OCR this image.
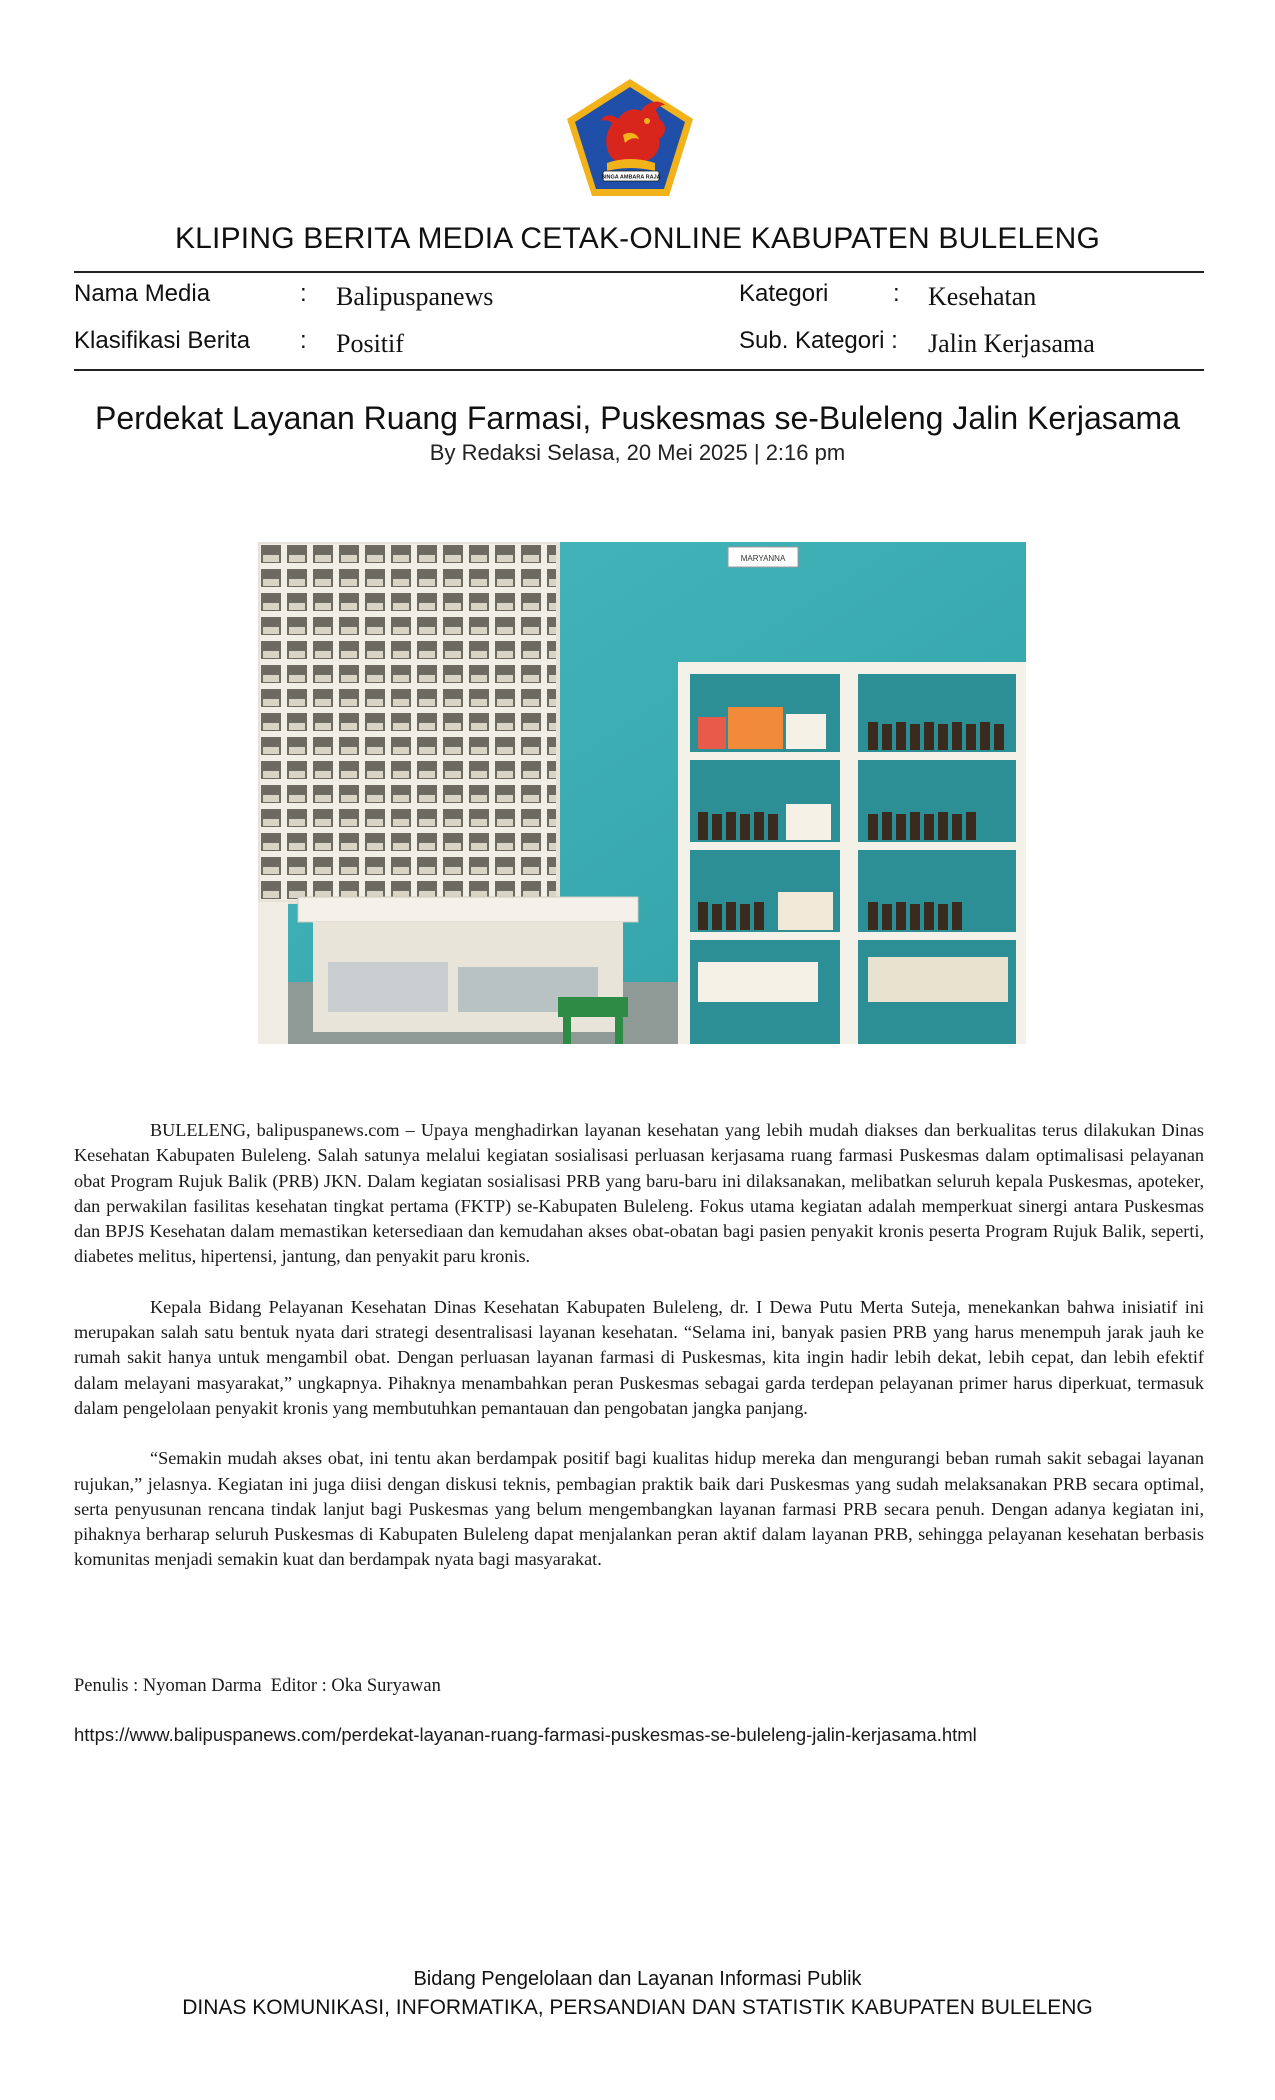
SINGA AMBARA RAJA
KLIPING BERITA MEDIA CETAK-ONLINE KABUPATEN BULELENG
Nama Media	: Balipuspanews
Klasifikasi Berita : Positif
Kategori	: Kesehatan
Sub. Kategori : Jalin Kerjasama
Perdekat Layanan Ruang Farmasi, Puskesmas se-Buleleng Jalin Kerjasama
By Redaksi Selasa, 20 Mei 2025 | 2:16 pm
MARYANNA

BULELENG, balipuspanews.com – Upaya menghadirkan layanan kesehatan yang lebih mudah diakses dan berkualitas terus dilakukan Dinas Kesehatan Kabupaten Buleleng. Salah satunya melalui kegiatan sosialisasi perluasan kerjasama ruang farmasi Puskesmas dalam optimalisasi pelayanan obat Program Rujuk Balik (PRB) JKN. Dalam kegiatan sosialisasi PRB yang baru-baru ini dilaksanakan, melibatkan seluruh kepala Puskesmas, apoteker, dan perwakilan fasilitas kesehatan tingkat pertama (FKTP) se-Kabupaten Buleleng. Fokus utama kegiatan adalah memperkuat sinergi antara Puskesmas dan BPJS Kesehatan dalam memastikan ketersediaan dan kemudahan akses obat-obatan bagi pasien penyakit kronis peserta Program Rujuk Balik, seperti, diabetes melitus, hipertensi, jantung, dan penyakit paru kronis.

Kepala Bidang Pelayanan Kesehatan Dinas Kesehatan Kabupaten Buleleng, dr. I Dewa Putu Merta Suteja, menekankan bahwa inisiatif ini merupakan salah satu bentuk nyata dari strategi desentralisasi layanan kesehatan. “Selama ini, banyak pasien PRB yang harus menempuh jarak jauh ke rumah sakit hanya untuk mengambil obat. Dengan perluasan layanan farmasi di Puskesmas, kita ingin hadir lebih dekat, lebih cepat, dan lebih efektif dalam melayani masyarakat,” ungkapnya. Pihaknya menambahkan peran Puskesmas sebagai garda terdepan pelayanan primer harus diperkuat, termasuk dalam pengelolaan penyakit kronis yang membutuhkan pemantauan dan pengobatan jangka panjang.

“Semakin mudah akses obat, ini tentu akan berdampak positif bagi kualitas hidup mereka dan mengurangi beban rumah sakit sebagai layanan rujukan,” jelasnya. Kegiatan ini juga diisi dengan diskusi teknis, pembagian praktik baik dari Puskesmas yang sudah melaksanakan PRB secara optimal, serta penyusunan rencana tindak lanjut bagi Puskesmas yang belum mengembangkan layanan farmasi PRB secara penuh. Dengan adanya kegiatan ini, pihaknya berharap seluruh Puskesmas di Kabupaten Buleleng dapat menjalankan peran aktif dalam layanan PRB, sehingga pelayanan kesehatan berbasis komunitas menjadi semakin kuat dan berdampak nyata bagi masyarakat.

Penulis : Nyoman Darma  Editor : Oka Suryawan
https://www.balipuspanews.com/perdekat-layanan-ruang-farmasi-puskesmas-se-buleleng-jalin-kerjasama.html
Bidang Pengelolaan dan Layanan Informasi Publik
DINAS KOMUNIKASI, INFORMATIKA, PERSANDIAN DAN STATISTIK KABUPATEN BULELENG
